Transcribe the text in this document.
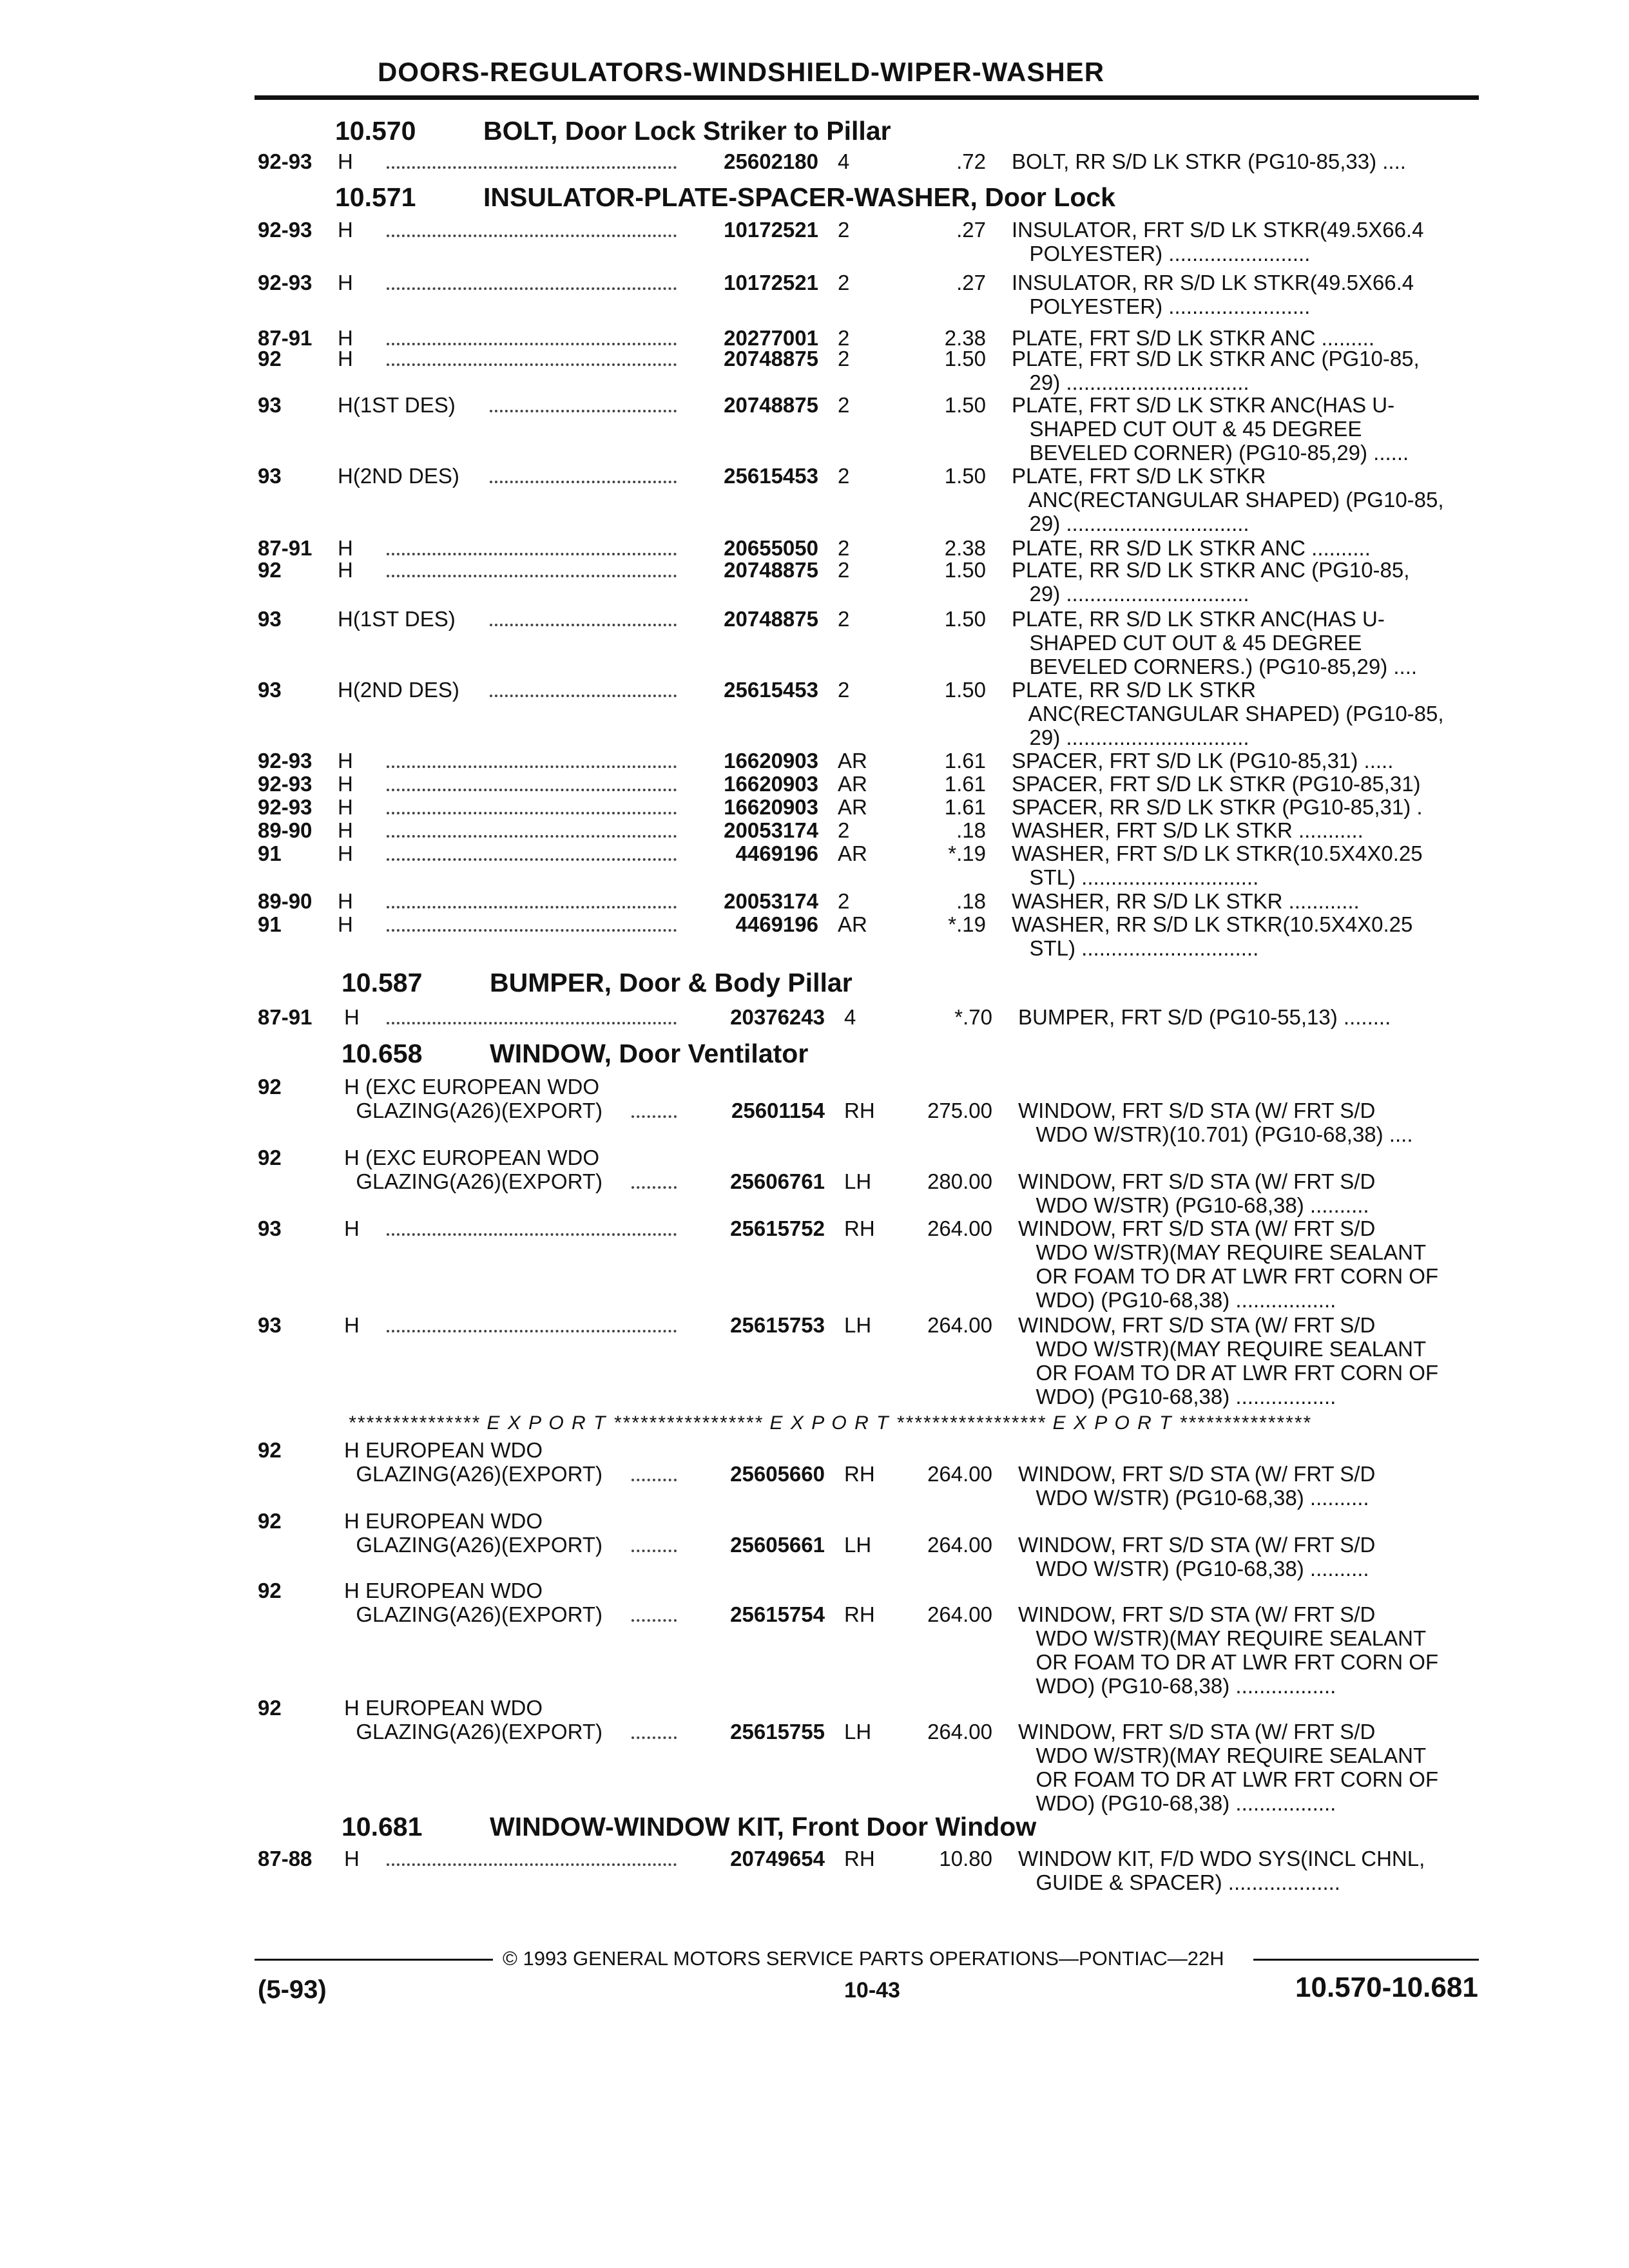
DOORS-REGULATORS-WINDSHIELD-WIPER-WASHER
10.570	BOLT, Door Lock Striker to Pillar
92-93 H	25602180 4	.72 BOLT, RR S/D LK STKR (PG10-85,33) ....
10.571	INSULATOR-PLATE-SPACER-WASHER, Door Lock
92-93 H	10172521 2	.27 INSULATOR, FRT S/D LK STKR(49.5X66.4
POLYESTER) ........................
92-93 H	10172521 2	.27 INSULATOR, RR S/D LK STKR(49.5X66.4
POLYESTER) ........................
87-91 H	20277001 2	2.38 PLATE, FRT S/D LK STKR ANC .........
92	H	20748875 2	1.50 PLATE, FRT S/D LK STKR ANC (PG10-85,
29) ...............................
93	H(1ST DES)	20748875 2	1.50 PLATE, FRT S/D LK STKR ANC(HAS U-
SHAPED CUT OUT & 45 DEGREE
BEVELED CORNER) (PG10-85,29) ......
93	H(2ND DES)	25615453 2	1.50 PLATE, FRT S/D LK STKR
ANC(RECTANGULAR SHAPED) (PG10-85,
29) ...............................
87-91 H	20655050 2	2.38 PLATE, RR S/D LK STKR ANC ..........
92	H	20748875 2	1.50 PLATE, RR S/D LK STKR ANC (PG10-85,
29) ...............................
93	H(1ST DES)	20748875 2	1.50 PLATE, RR S/D LK STKR ANC(HAS U-
SHAPED CUT OUT & 45 DEGREE
BEVELED CORNERS.) (PG10-85,29) ....
93	H(2ND DES)	25615453 2	1.50 PLATE, RR S/D LK STKR
ANC(RECTANGULAR SHAPED) (PG10-85,
29) ...............................
92-93 H	16620903 AR	1.61 SPACER, FRT S/D LK (PG10-85,31) .....
92-93 H	16620903 AR	1.61 SPACER, FRT S/D LK STKR (PG10-85,31)
92-93 H	16620903 AR	1.61 SPACER, RR S/D LK STKR (PG10-85,31) .
89-90 H	20053174 2	.18 WASHER, FRT S/D LK STKR ...........
91	H	4469196 AR	*.19 WASHER, FRT S/D LK STKR(10.5X4X0.25
STL) ..............................
89-90 H	20053174 2	.18 WASHER, RR S/D LK STKR ............
91	H	4469196 AR	*.19 WASHER, RR S/D LK STKR(10.5X4X0.25
STL) ..............................
10.587	BUMPER, Door & Body Pillar
87-91 H	20376243 4	*.70 BUMPER, FRT S/D (PG10-55,13) ........
10.658	WINDOW, Door Ventilator
92	H (EXC EUROPEAN WDO
GLAZING(A26)(EXPORT)	25601154 RH	275.00 WINDOW, FRT S/D STA (W/ FRT S/D
WDO W/STR)(10.701) (PG10-68,38) ....
92	H (EXC EUROPEAN WDO
GLAZING(A26)(EXPORT)	25606761 LH	280.00 WINDOW, FRT S/D STA (W/ FRT S/D
WDO W/STR) (PG10-68,38) ..........
93	H	25615752 RH	264.00 WINDOW, FRT S/D STA (W/ FRT S/D
WDO W/STR)(MAY REQUIRE SEALANT
OR FOAM TO DR AT LWR FRT CORN OF
WDO) (PG10-68,38) .................
93	H	25615753 LH	264.00 WINDOW, FRT S/D STA (W/ FRT S/D
WDO W/STR)(MAY REQUIRE SEALANT
OR FOAM TO DR AT LWR FRT CORN OF
WDO) (PG10-68,38) .................
92	H EUROPEAN WDO
GLAZING(A26)(EXPORT)	25605660 RH	264.00 WINDOW, FRT S/D STA (W/ FRT S/D
WDO W/STR) (PG10-68,38) ..........
92	H EUROPEAN WDO
GLAZING(A26)(EXPORT)	25605661 LH	264.00 WINDOW, FRT S/D STA (W/ FRT S/D
WDO W/STR) (PG10-68,38) ..........
92	H EUROPEAN WDO
GLAZING(A26)(EXPORT)	25615754 RH	264.00 WINDOW, FRT S/D STA (W/ FRT S/D
WDO W/STR)(MAY REQUIRE SEALANT
OR FOAM TO DR AT LWR FRT CORN OF
WDO) (PG10-68,38) .................
92	H EUROPEAN WDO
GLAZING(A26)(EXPORT)	25615755 LH	264.00 WINDOW, FRT S/D STA (W/ FRT S/D
WDO W/STR)(MAY REQUIRE SEALANT
OR FOAM TO DR AT LWR FRT CORN OF
WDO) (PG10-68,38) .................
10.681	WINDOW-WINDOW KIT, Front Door Window
87-88 H	20749654 RH	10.80 WINDOW KIT, F/D WDO SYS(INCL CHNL,
GUIDE & SPACER) ...................
*************** E X P O R T ***************** E X P O R T ***************** E X P O R T ***************
© 1993 GENERAL MOTORS SERVICE PARTS OPERATIONS—PONTIAC—22H
(5-93)	10-43	10.570-10.681
